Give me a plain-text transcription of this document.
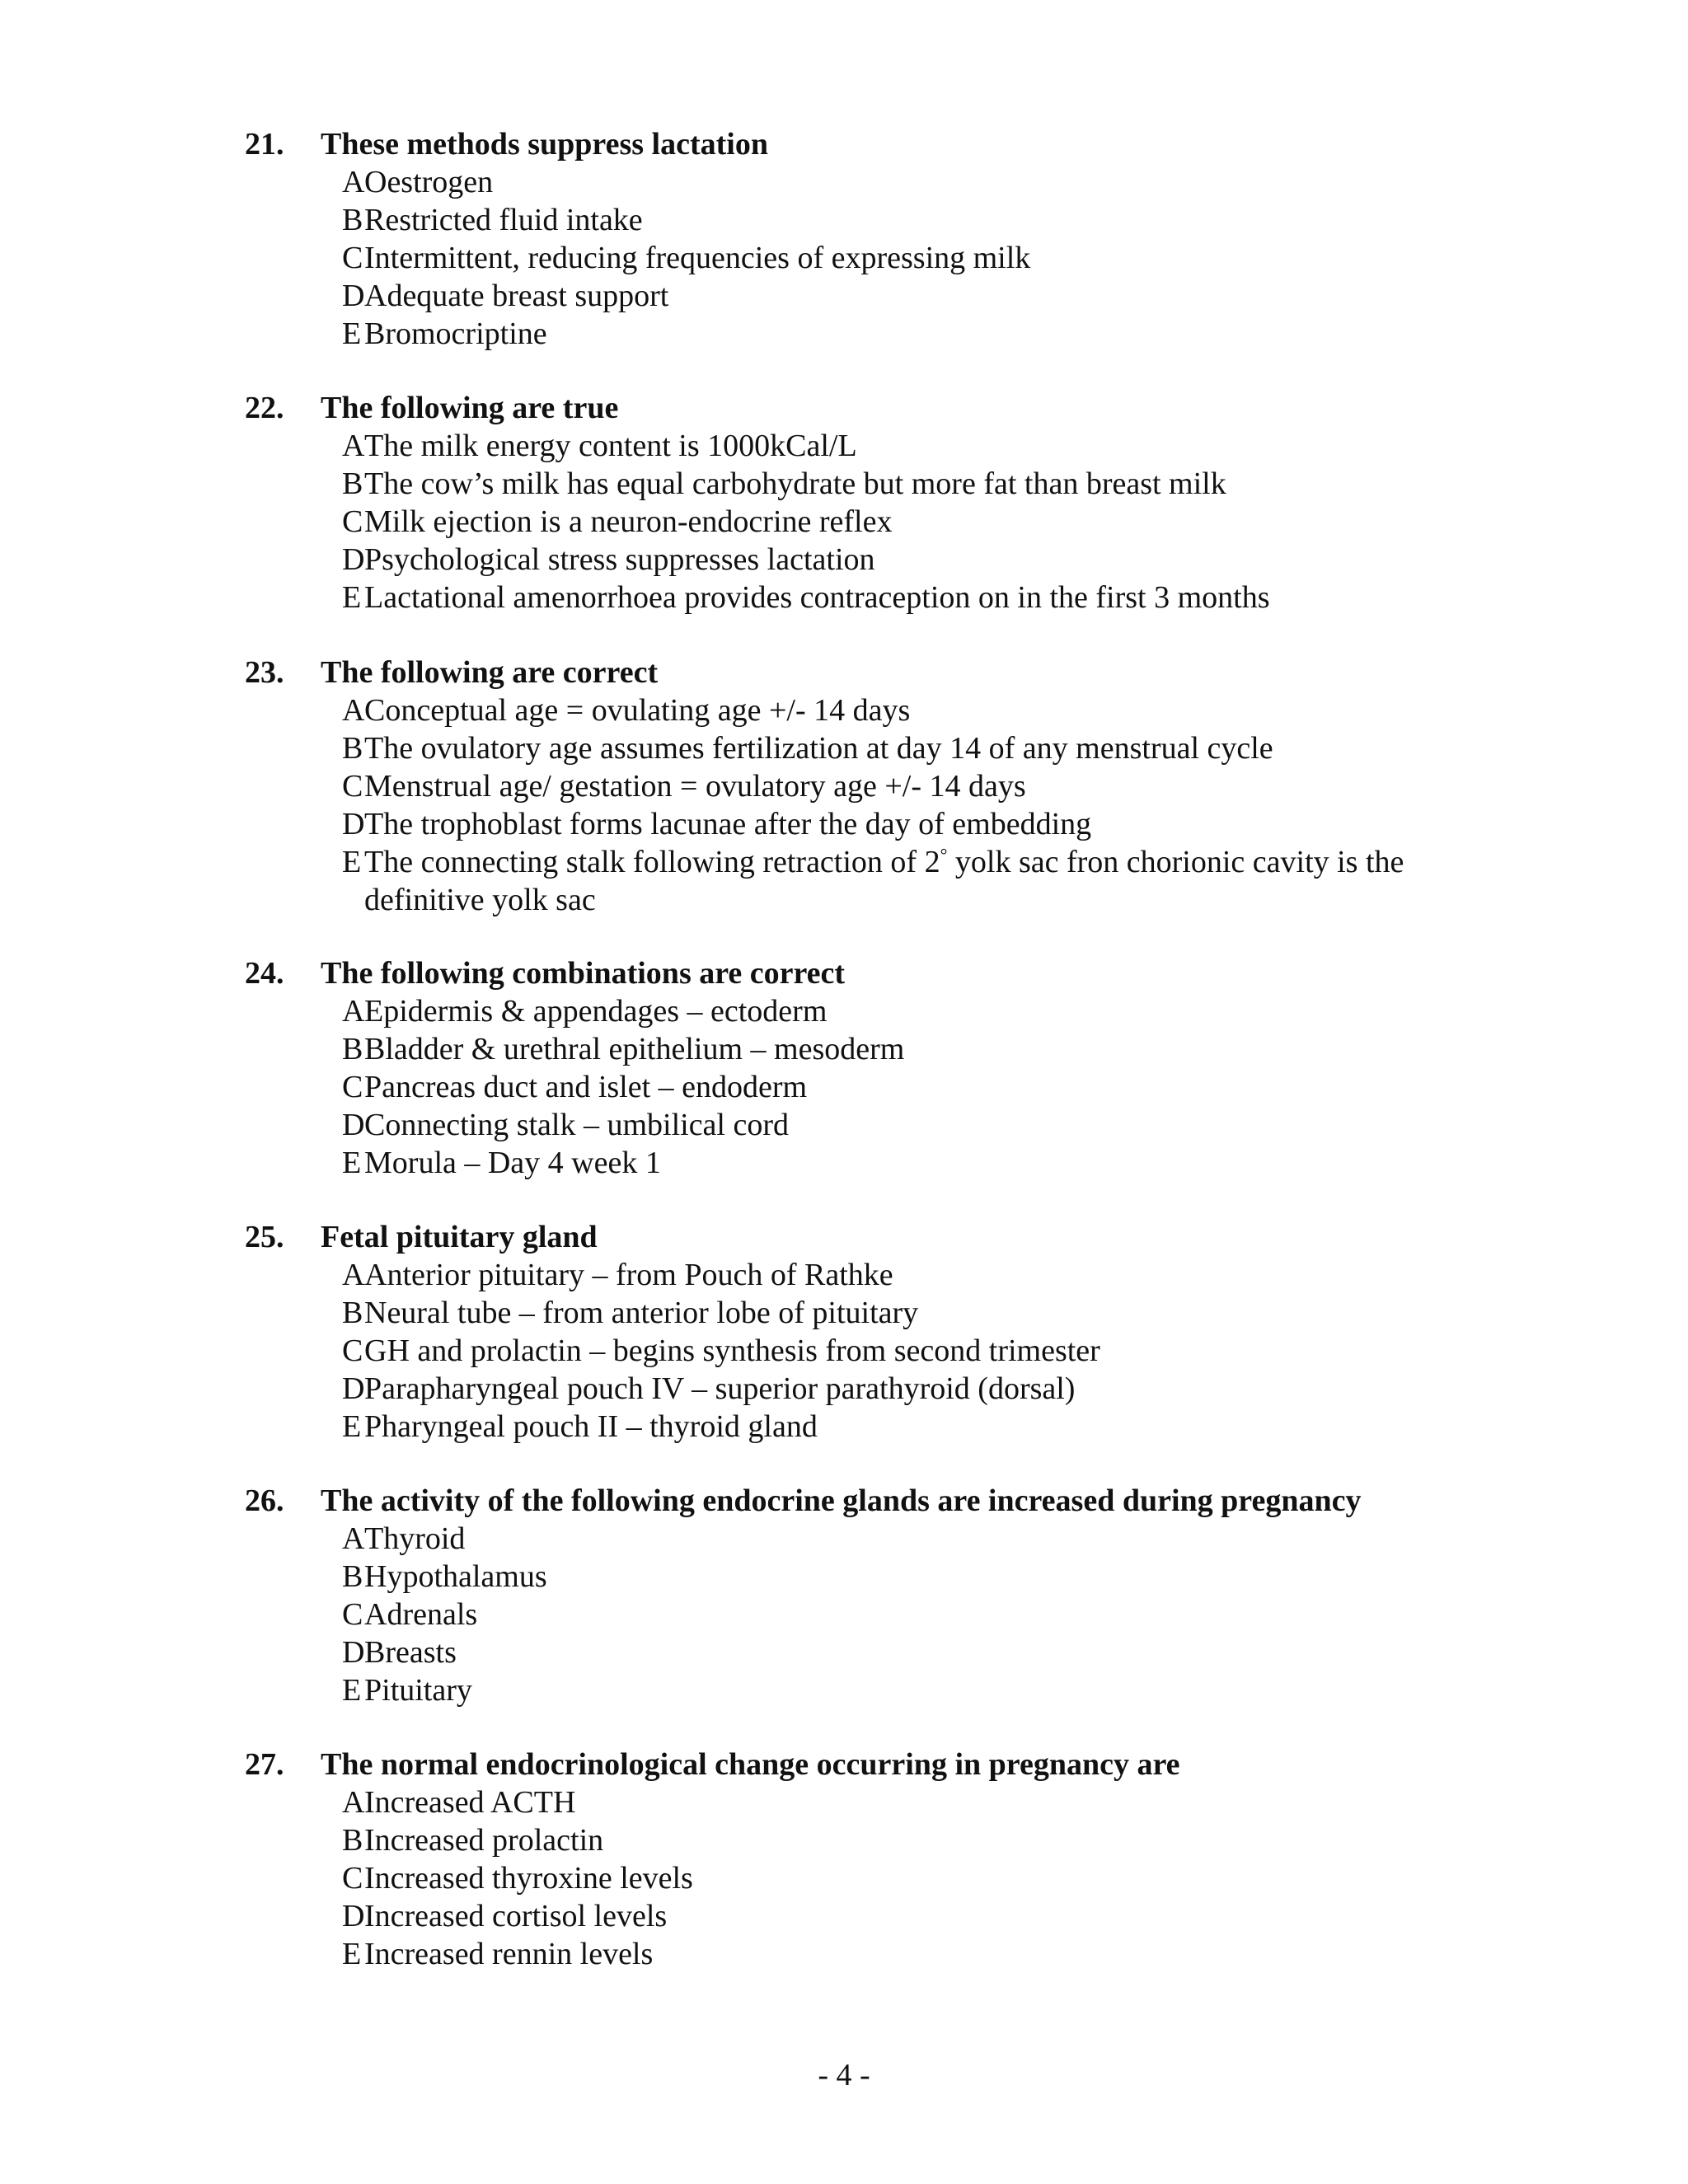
21.	These methods suppress lactation
A Oestrogen
B Restricted fluid intake
C Intermittent, reducing frequencies of expressing milk
D Adequate breast support
E Bromocriptine
22.	The following are true
A The milk energy content is 1000kCal/L
B The cow’s milk has equal carbohydrate but more fat than breast milk
C Milk ejection is a neuron-endocrine reflex
D Psychological stress suppresses lactation
E Lactational amenorrhoea provides contraception on in the first 3 months
23.	The following are correct
A Conceptual age = ovulating age +/- 14 days
B The ovulatory age assumes fertilization at day 14 of any menstrual cycle
C Menstrual age/ gestation = ovulatory age +/- 14 days
D The trophoblast forms lacunae after the day of embedding
E The connecting stalk following retraction of 2° yolk sac fron chorionic cavity is the definitive yolk sac
24.	The following combinations are correct
A Epidermis & appendages – ectoderm
B Bladder & urethral epithelium – mesoderm
C Pancreas duct and islet – endoderm
D Connecting stalk – umbilical cord
E Morula – Day 4 week 1
25.	Fetal pituitary gland
A Anterior pituitary – from Pouch of Rathke
B Neural tube – from anterior lobe of pituitary
C GH and prolactin – begins synthesis from second trimester
D Parapharyngeal pouch IV – superior parathyroid (dorsal)
E Pharyngeal pouch II – thyroid gland
26.	The activity of the following endocrine glands are increased during pregnancy
A Thyroid
B Hypothalamus
C Adrenals
D Breasts
E Pituitary
27.	The normal endocrinological change occurring in pregnancy are
A Increased ACTH
B Increased prolactin
C Increased thyroxine levels
D Increased cortisol levels
E Increased rennin levels
- 4 -
